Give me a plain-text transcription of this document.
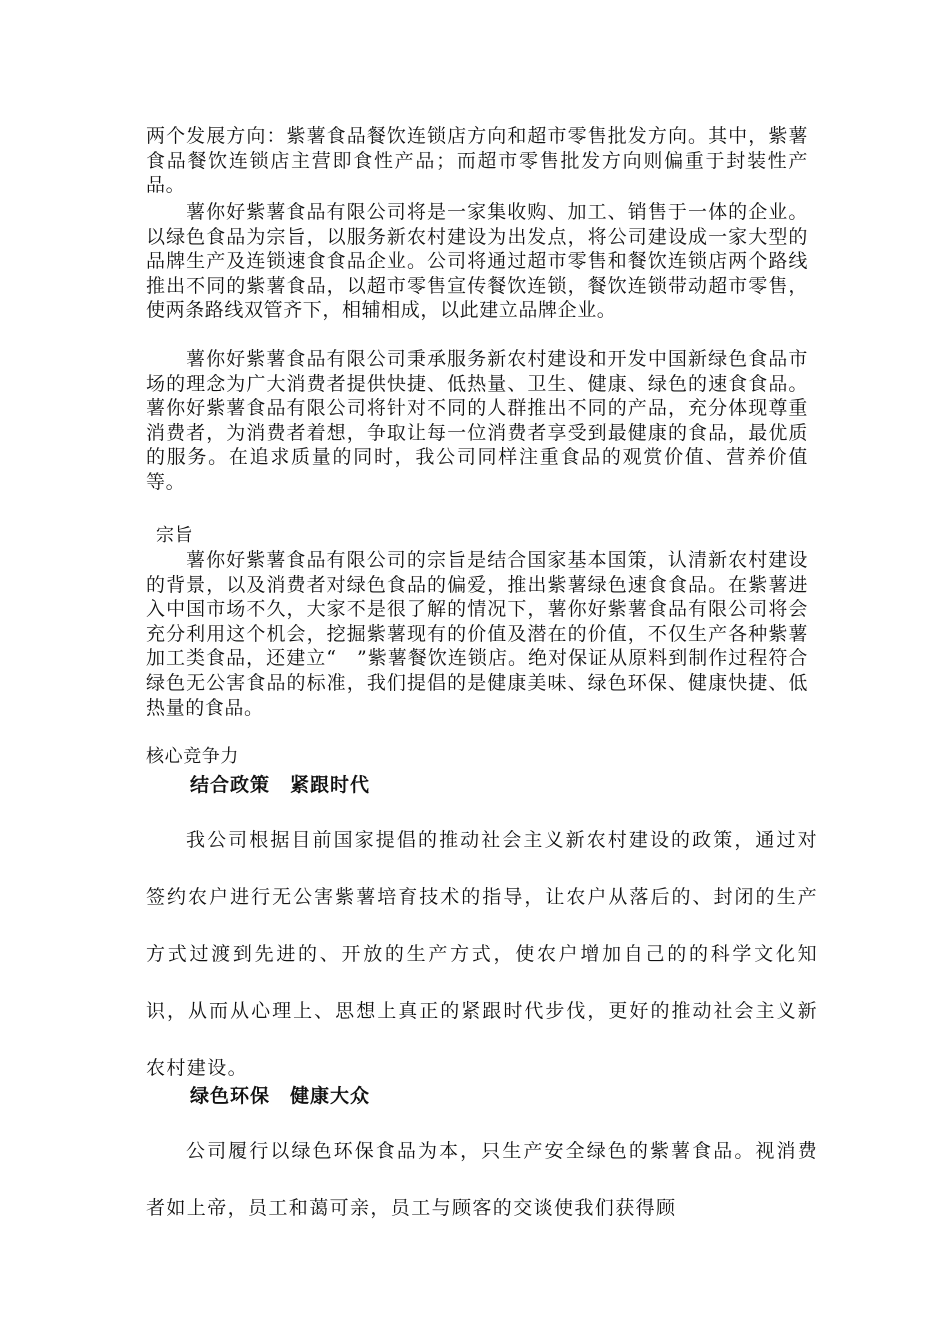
两个发展方向：紫薯食品餐饮连锁店方向和超市零售批发方向。其中，紫薯食品餐饮连锁店主营即食性产品；而超市零售批发方向则偏重于封装性产品。

薯你好紫薯食品有限公司将是一家集收购、加工、销售于一体的企业。以绿色食品为宗旨，以服务新农村建设为出发点，将公司建设成一家大型的品牌生产及连锁速食食品企业。公司将通过超市零售和餐饮连锁店两个路线推出不同的紫薯食品，以超市零售宣传餐饮连锁，餐饮连锁带动超市零售，使两条路线双管齐下，相辅相成，以此建立品牌企业。

薯你好紫薯食品有限公司秉承服务新农村建设和开发中国新绿色食品市场的理念为广大消费者提供快捷、低热量、卫生、健康、绿色的速食食品。薯你好紫薯食品有限公司将针对不同的人群推出不同的产品，充分体现尊重消费者，为消费者着想，争取让每一位消费者享受到最健康的食品，最优质的服务。在追求质量的同时，我公司同样注重食品的观赏价值、营养价值等。

宗旨

薯你好紫薯食品有限公司的宗旨是结合国家基本国策，认清新农村建设的背景，以及消费者对绿色食品的偏爱，推出紫薯绿色速食食品。在紫薯进入中国市场不久，大家不是很了解的情况下，薯你好紫薯食品有限公司将会充分利用这个机会，挖掘紫薯现有的价值及潜在的价值，不仅生产各种紫薯加工类食品，还建立“　”紫薯餐饮连锁店。绝对保证从原料到制作过程符合绿色无公害食品的标准，我们提倡的是健康美味、绿色环保、健康快捷、低热量的食品。

核心竞争力

结合政策　紧跟时代

我公司根据目前国家提倡的推动社会主义新农村建设的政策，通过对签约农户进行无公害紫薯培育技术的指导，让农户从落后的、封闭的生产方式过渡到先进的、开放的生产方式，使农户增加自己的的科学文化知识，从而从心理上、思想上真正的紧跟时代步伐，更好的推动社会主义新农村建设。

绿色环保　健康大众

公司履行以绿色环保食品为本，只生产安全绿色的紫薯食品。视消费者如上帝，员工和蔼可亲，员工与顾客的交谈使我们获得顾
